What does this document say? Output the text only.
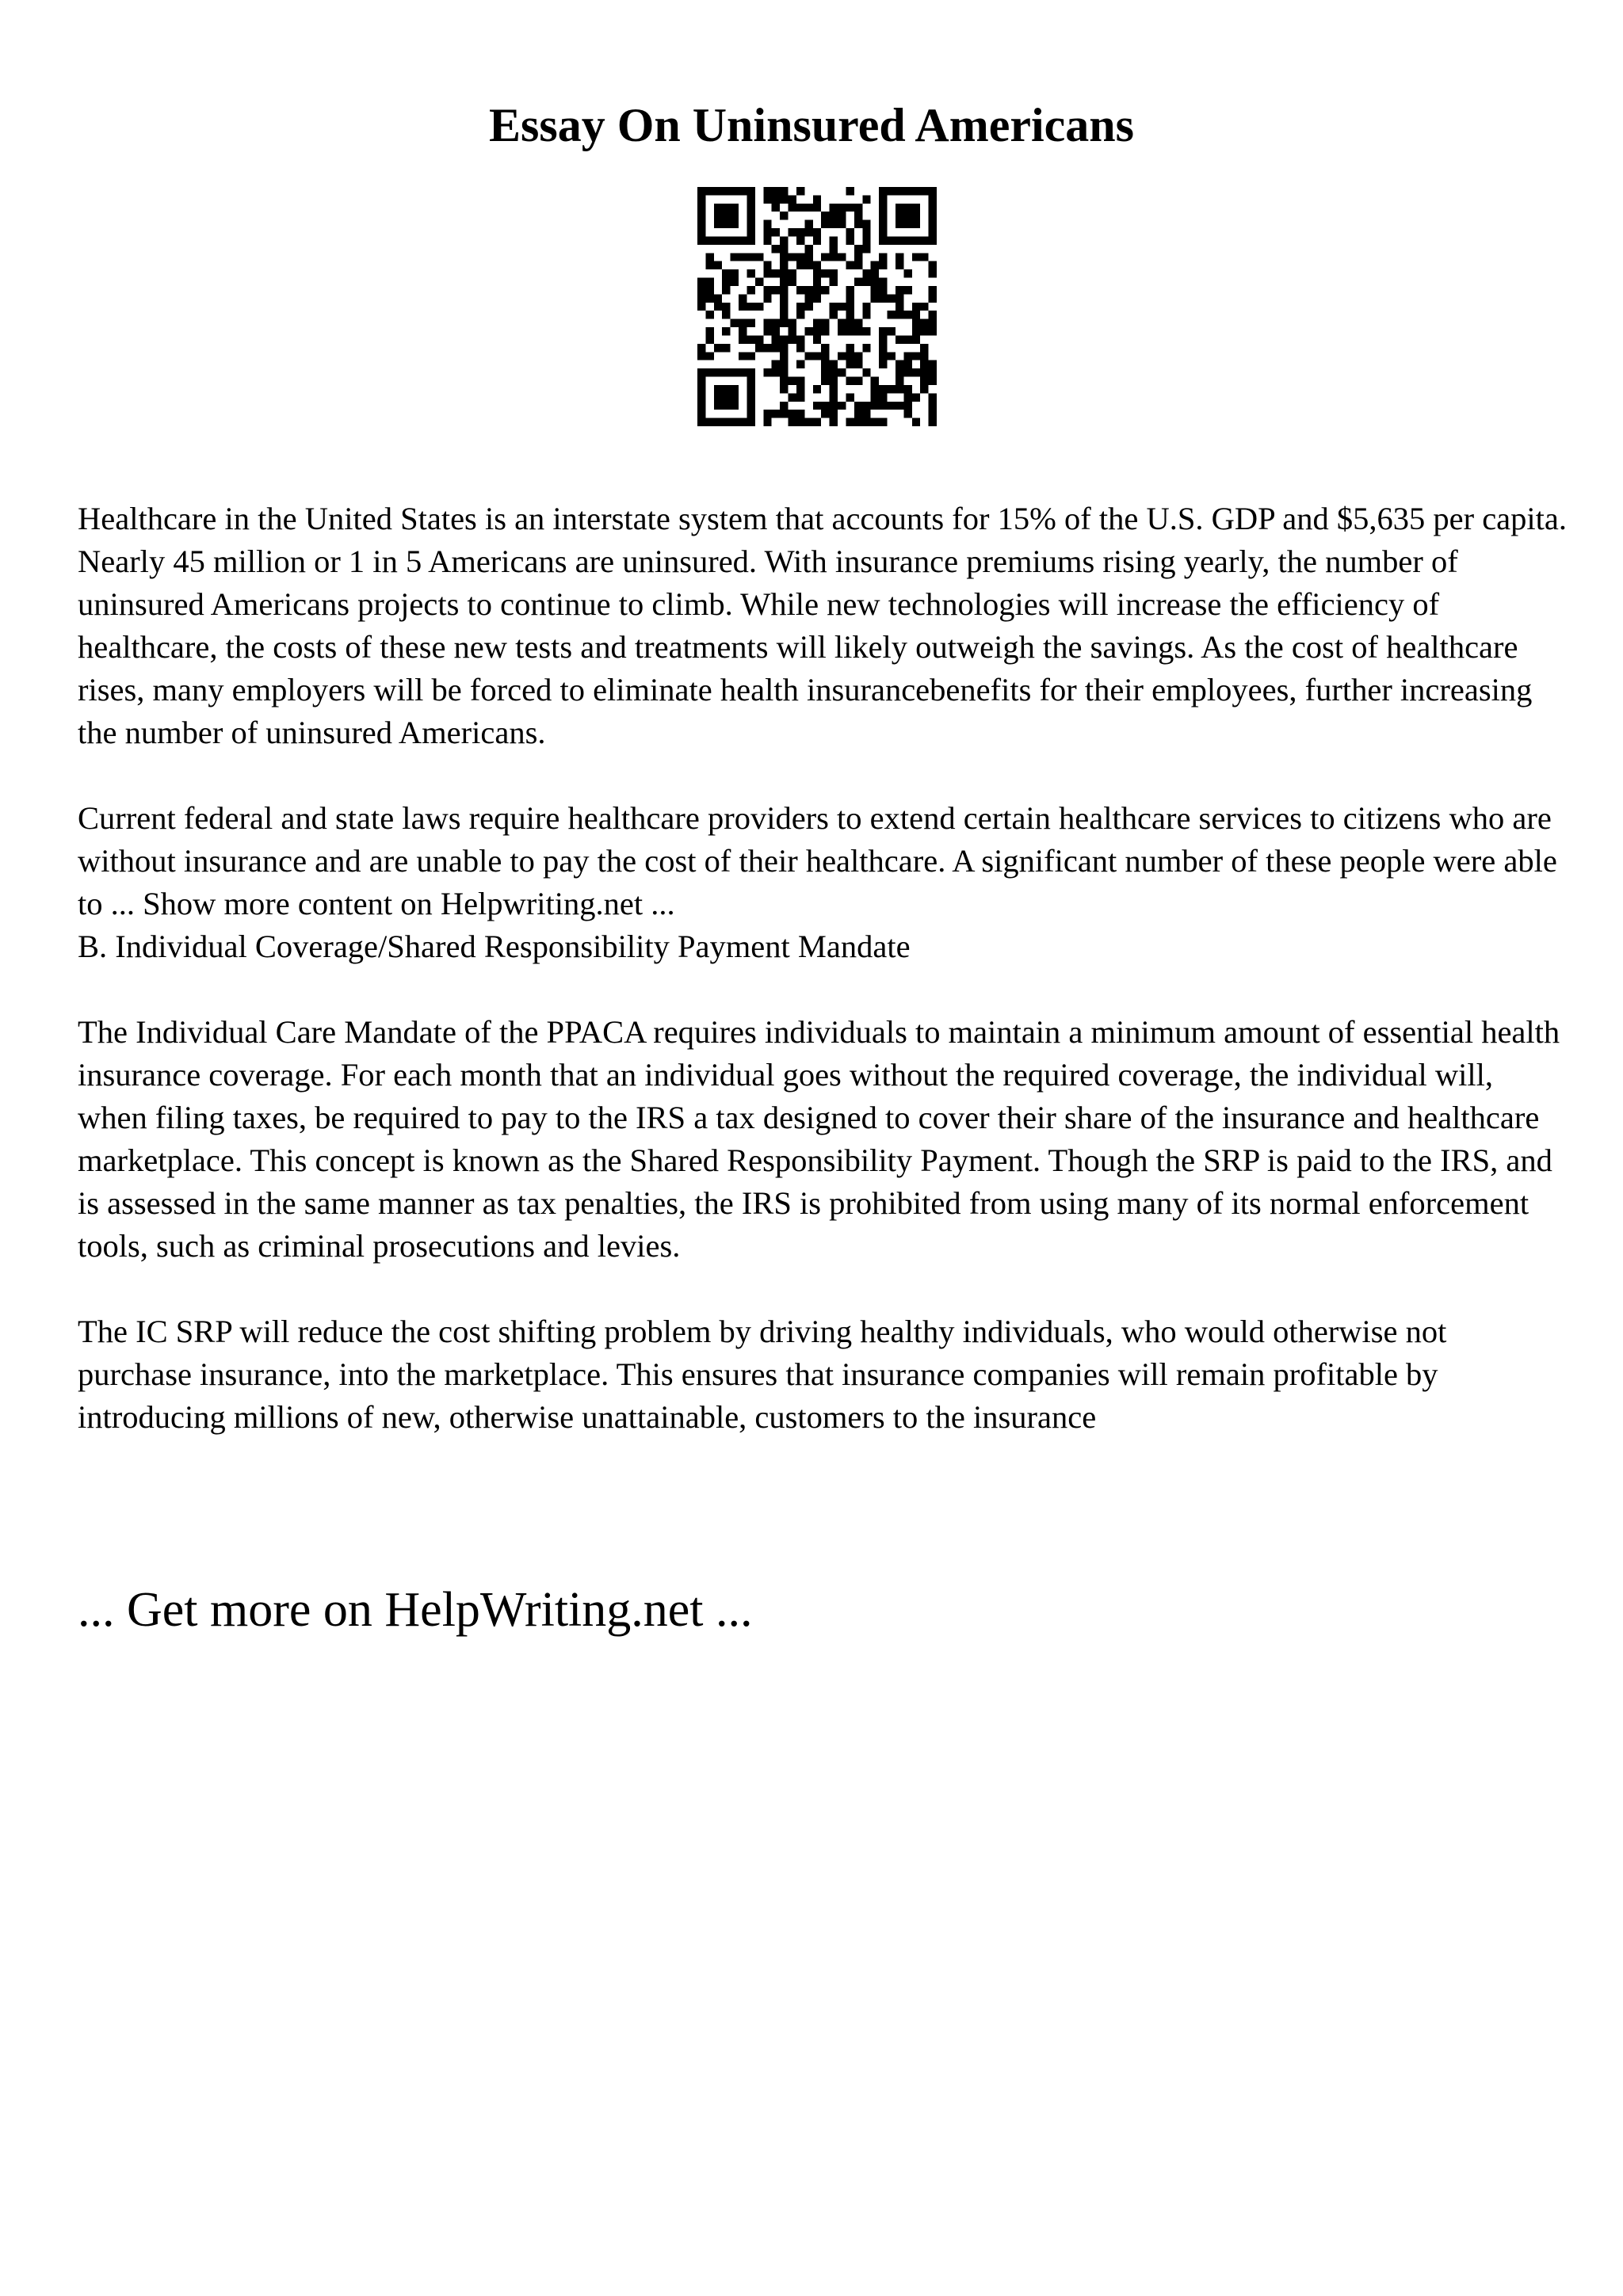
Essay On Uninsured Americans

Healthcare in the United States is an interstate system that accounts for 15% of the U.S. GDP and $5,635 per capita. Nearly 45 million or 1 in 5 Americans are uninsured. With insurance premiums rising yearly, the number of uninsured Americans projects to continue to climb. While new technologies will increase the efficiency of healthcare, the costs of these new tests and treatments will likely outweigh the savings. As the cost of healthcare rises, many employers will be forced to eliminate health insurancebenefits for their employees, further increasing the number of uninsured Americans.

Current federal and state laws require healthcare providers to extend certain healthcare services to citizens who are without insurance and are unable to pay the cost of their healthcare. A significant number of these people were able to ... Show more content on Helpwriting.net ...

B. Individual Coverage/Shared Responsibility Payment Mandate

The Individual Care Mandate of the PPACA requires individuals to maintain a minimum amount of essential health insurance coverage. For each month that an individual goes without the required coverage, the individual will, when filing taxes, be required to pay to the IRS a tax designed to cover their share of the insurance and healthcare marketplace. This concept is known as the Shared Responsibility Payment. Though the SRP is paid to the IRS, and is assessed in the same manner as tax penalties, the IRS is prohibited from using many of its normal enforcement tools, such as criminal prosecutions and levies.

The IC SRP will reduce the cost shifting problem by driving healthy individuals, who would otherwise not purchase insurance, into the marketplace. This ensures that insurance companies will remain profitable by introducing millions of new, otherwise unattainable, customers to the insurance

... Get more on HelpWriting.net ...
